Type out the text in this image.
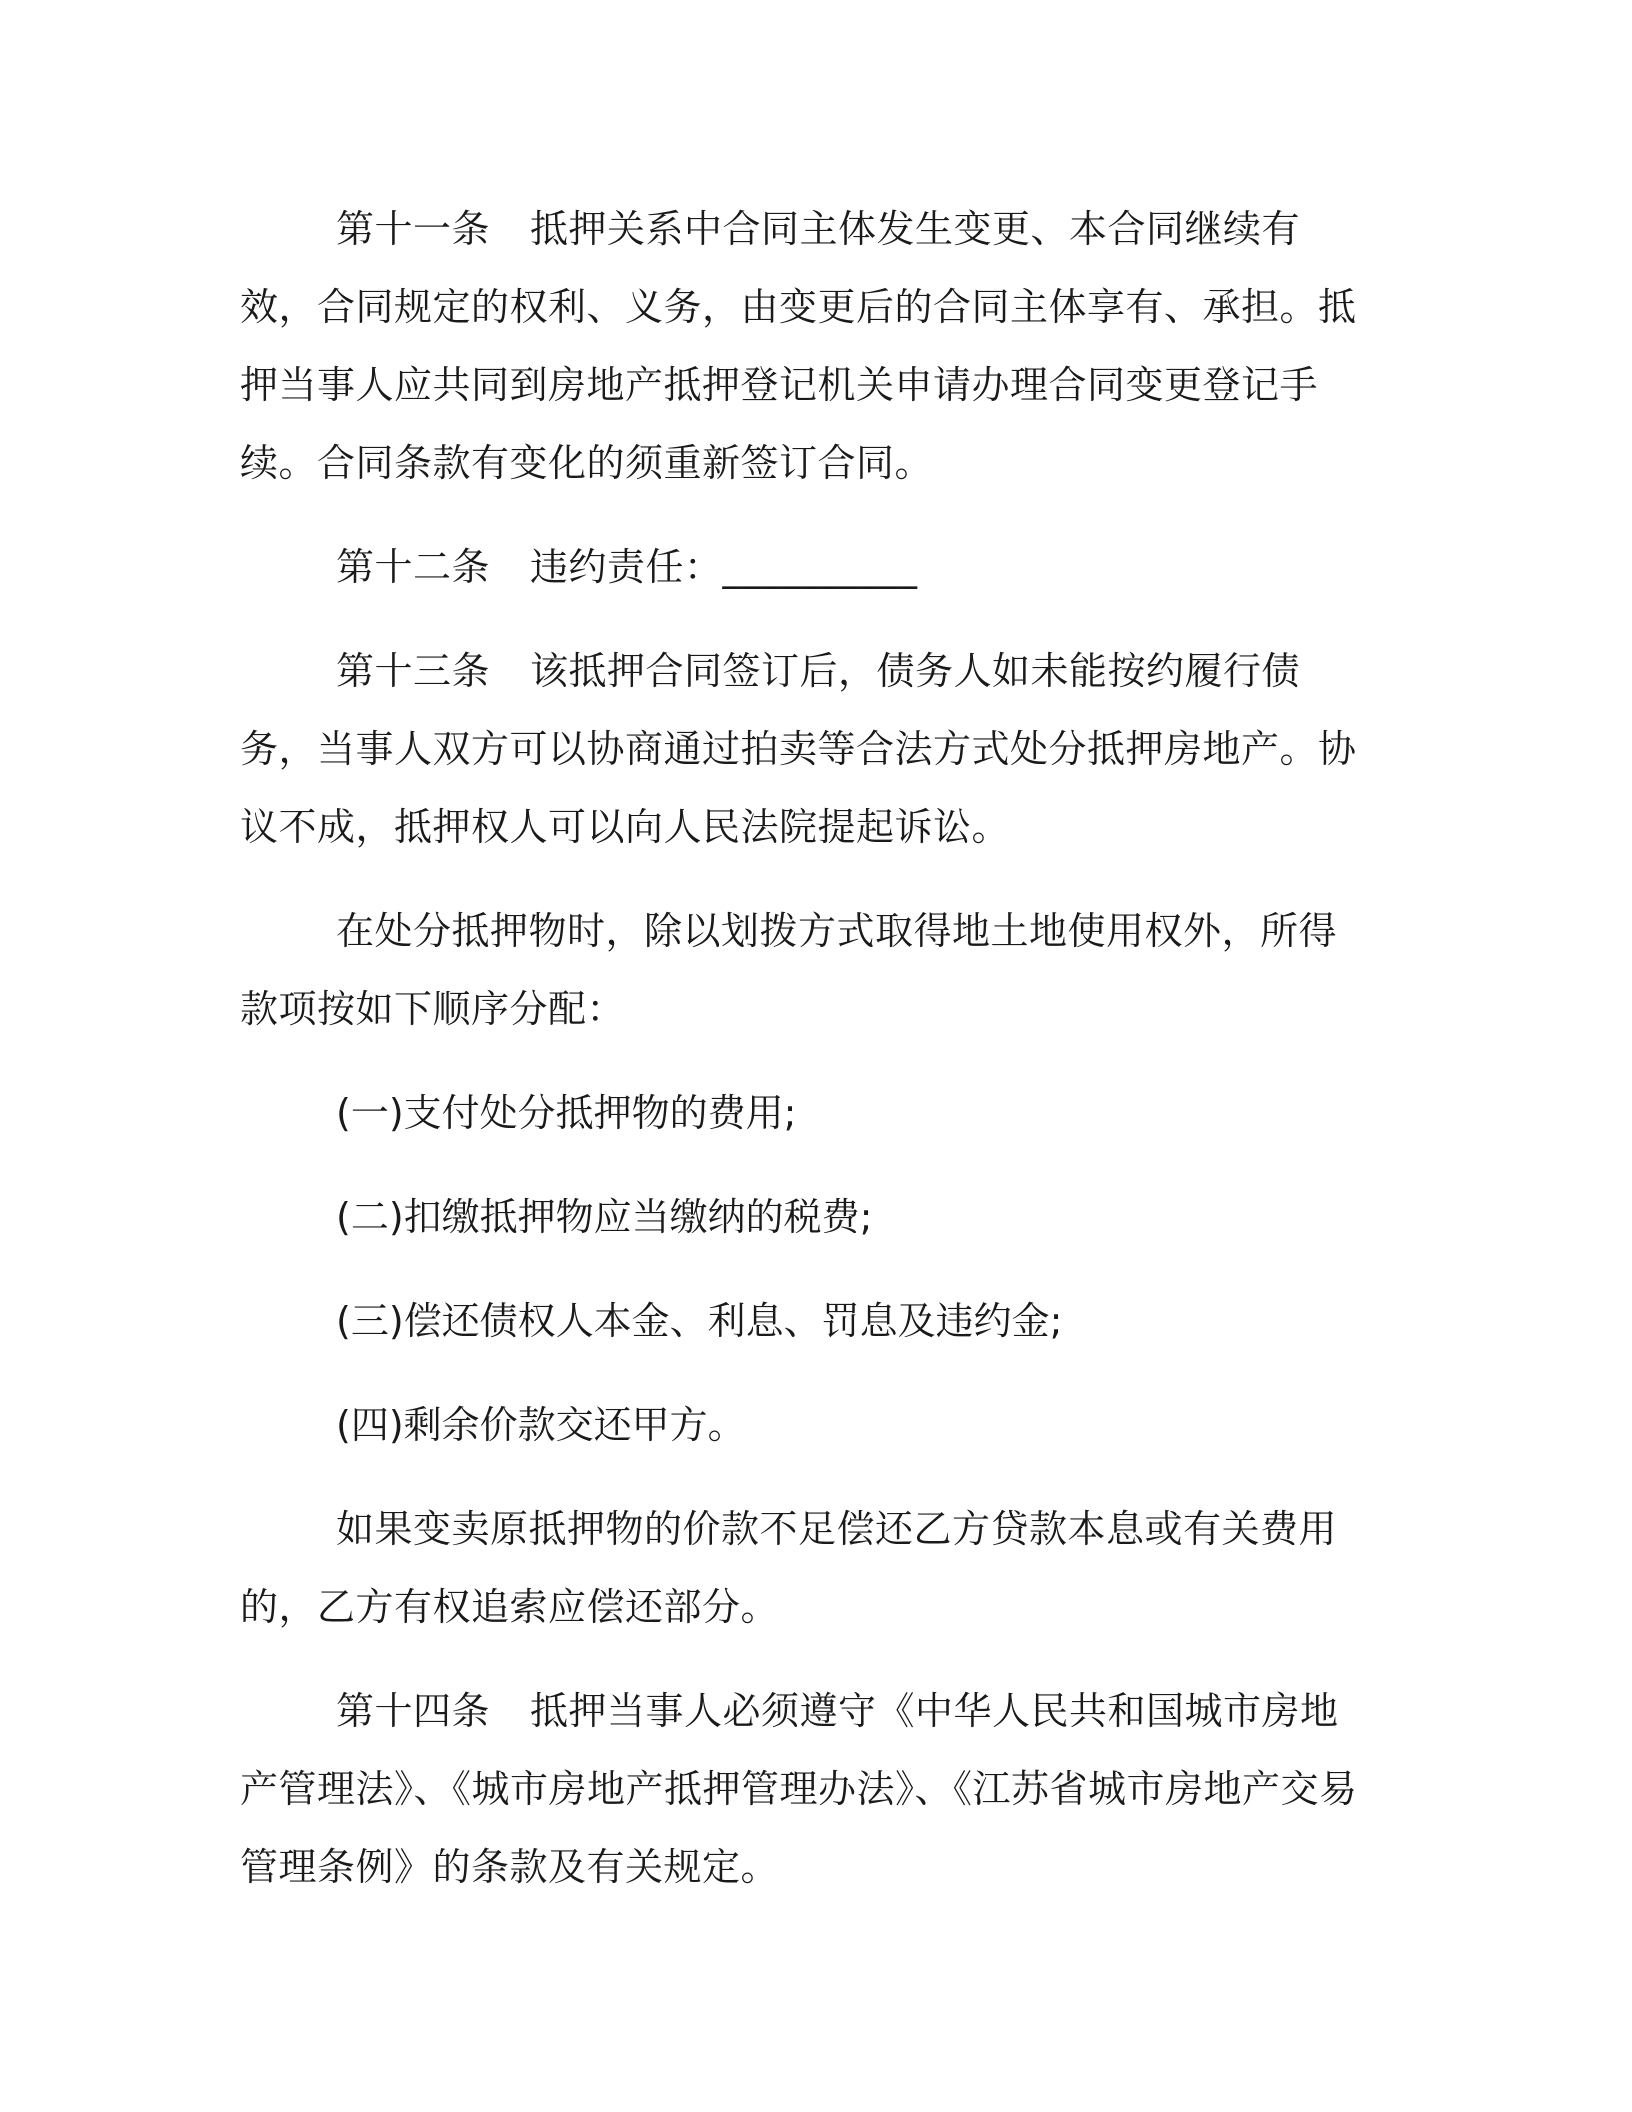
第十一条 抵押关系中合同主体发生变更、本合同继续有效，合同规定的权利、义务，由变更后的合同主体享有、承担。抵押当事人应共同到房地产抵押登记机关申请办理合同变更登记手续。合同条款有变化的须重新签订合同。

第十二条 违约责任：__________

第十三条 该抵押合同签订后，债务人如未能按约履行债务，当事人双方可以协商通过拍卖等合法方式处分抵押房地产。协议不成，抵押权人可以向人民法院提起诉讼。

在处分抵押物时，除以划拨方式取得地土地使用权外，所得款项按如下顺序分配：

(一)支付处分抵押物的费用;
(二)扣缴抵押物应当缴纳的税费;
(三)偿还债权人本金、利息、罚息及违约金;
(四)剩余价款交还甲方。

如果变卖原抵押物的价款不足偿还乙方贷款本息或有关费用的，乙方有权追索应偿还部分。

第十四条 抵押当事人必须遵守《中华人民共和国城市房地产管理法》、《城市房地产抵押管理办法》、《江苏省城市房地产交易管理条例》的条款及有关规定。
